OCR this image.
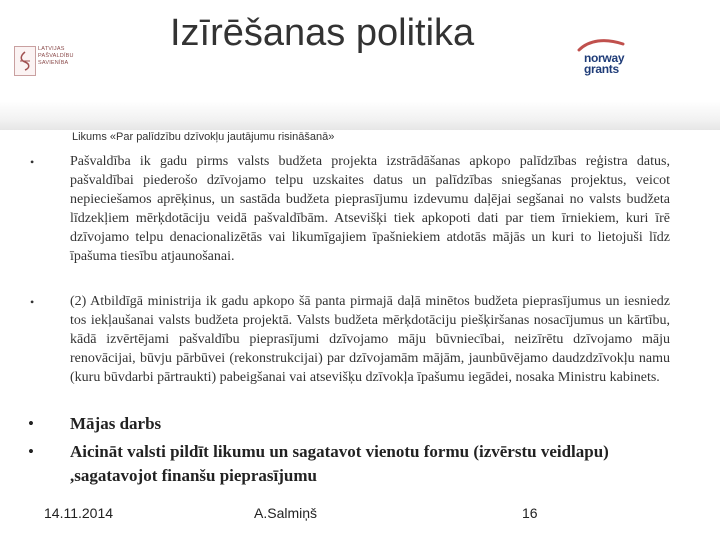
LATVIJAS PAŠVALDĪBU SAVIENĪBA
Izīrēšanas politika
norway
grants
Likums «Par palīdzību dzīvokļu jautājumu risināšanā»
•	Pašvaldība ik gadu pirms valsts budžeta projekta izstrādāšanas apkopo palīdzības reģistra datus, pašvaldībai piederošo dzīvojamo telpu uzskaites datus un palīdzības sniegšanas projektus, veicot nepieciešamos aprēķinus, un sastāda budžeta pieprasījumu izdevumu daļējai segšanai no valsts budžeta līdzekļiem mērķdotāciju veidā pašvaldībām. Atsevišķi tiek apkopoti dati par tiem īrniekiem, kuri īrē dzīvojamo telpu denacionalizētās vai likumīgajiem īpašniekiem atdotās mājās un kuri to lietojuši līdz īpašuma tiesību atjaunošanai.
•	(2) Atbildīgā ministrija ik gadu apkopo šā panta pirmajā daļā minētos budžeta pieprasījumus un iesniedz tos iekļaušanai valsts budžeta projektā. Valsts budžeta mērķdotāciju piešķiršanas nosacījumus un kārtību, kādā izvērtējami pašvaldību pieprasījumi dzīvojamo māju būvniecībai, neizīrētu dzīvojamo māju renovācijai, būvju pārbūvei (rekonstrukcijai) par dzīvojamām mājām, jaunbūvējamo daudzdzīvokļu namu (kuru būvdarbi pārtraukti) pabeigšanai vai atsevišķu dzīvokļa īpašumu iegādei, nosaka Ministru kabinets.
• Mājas darbs
• Aicināt valsti pildīt likumu un sagatavot vienotu formu (izvērstu veidlapu) ,sagatavojot finanšu pieprasījumu
14.11.2014	A.Salmiņš	16
